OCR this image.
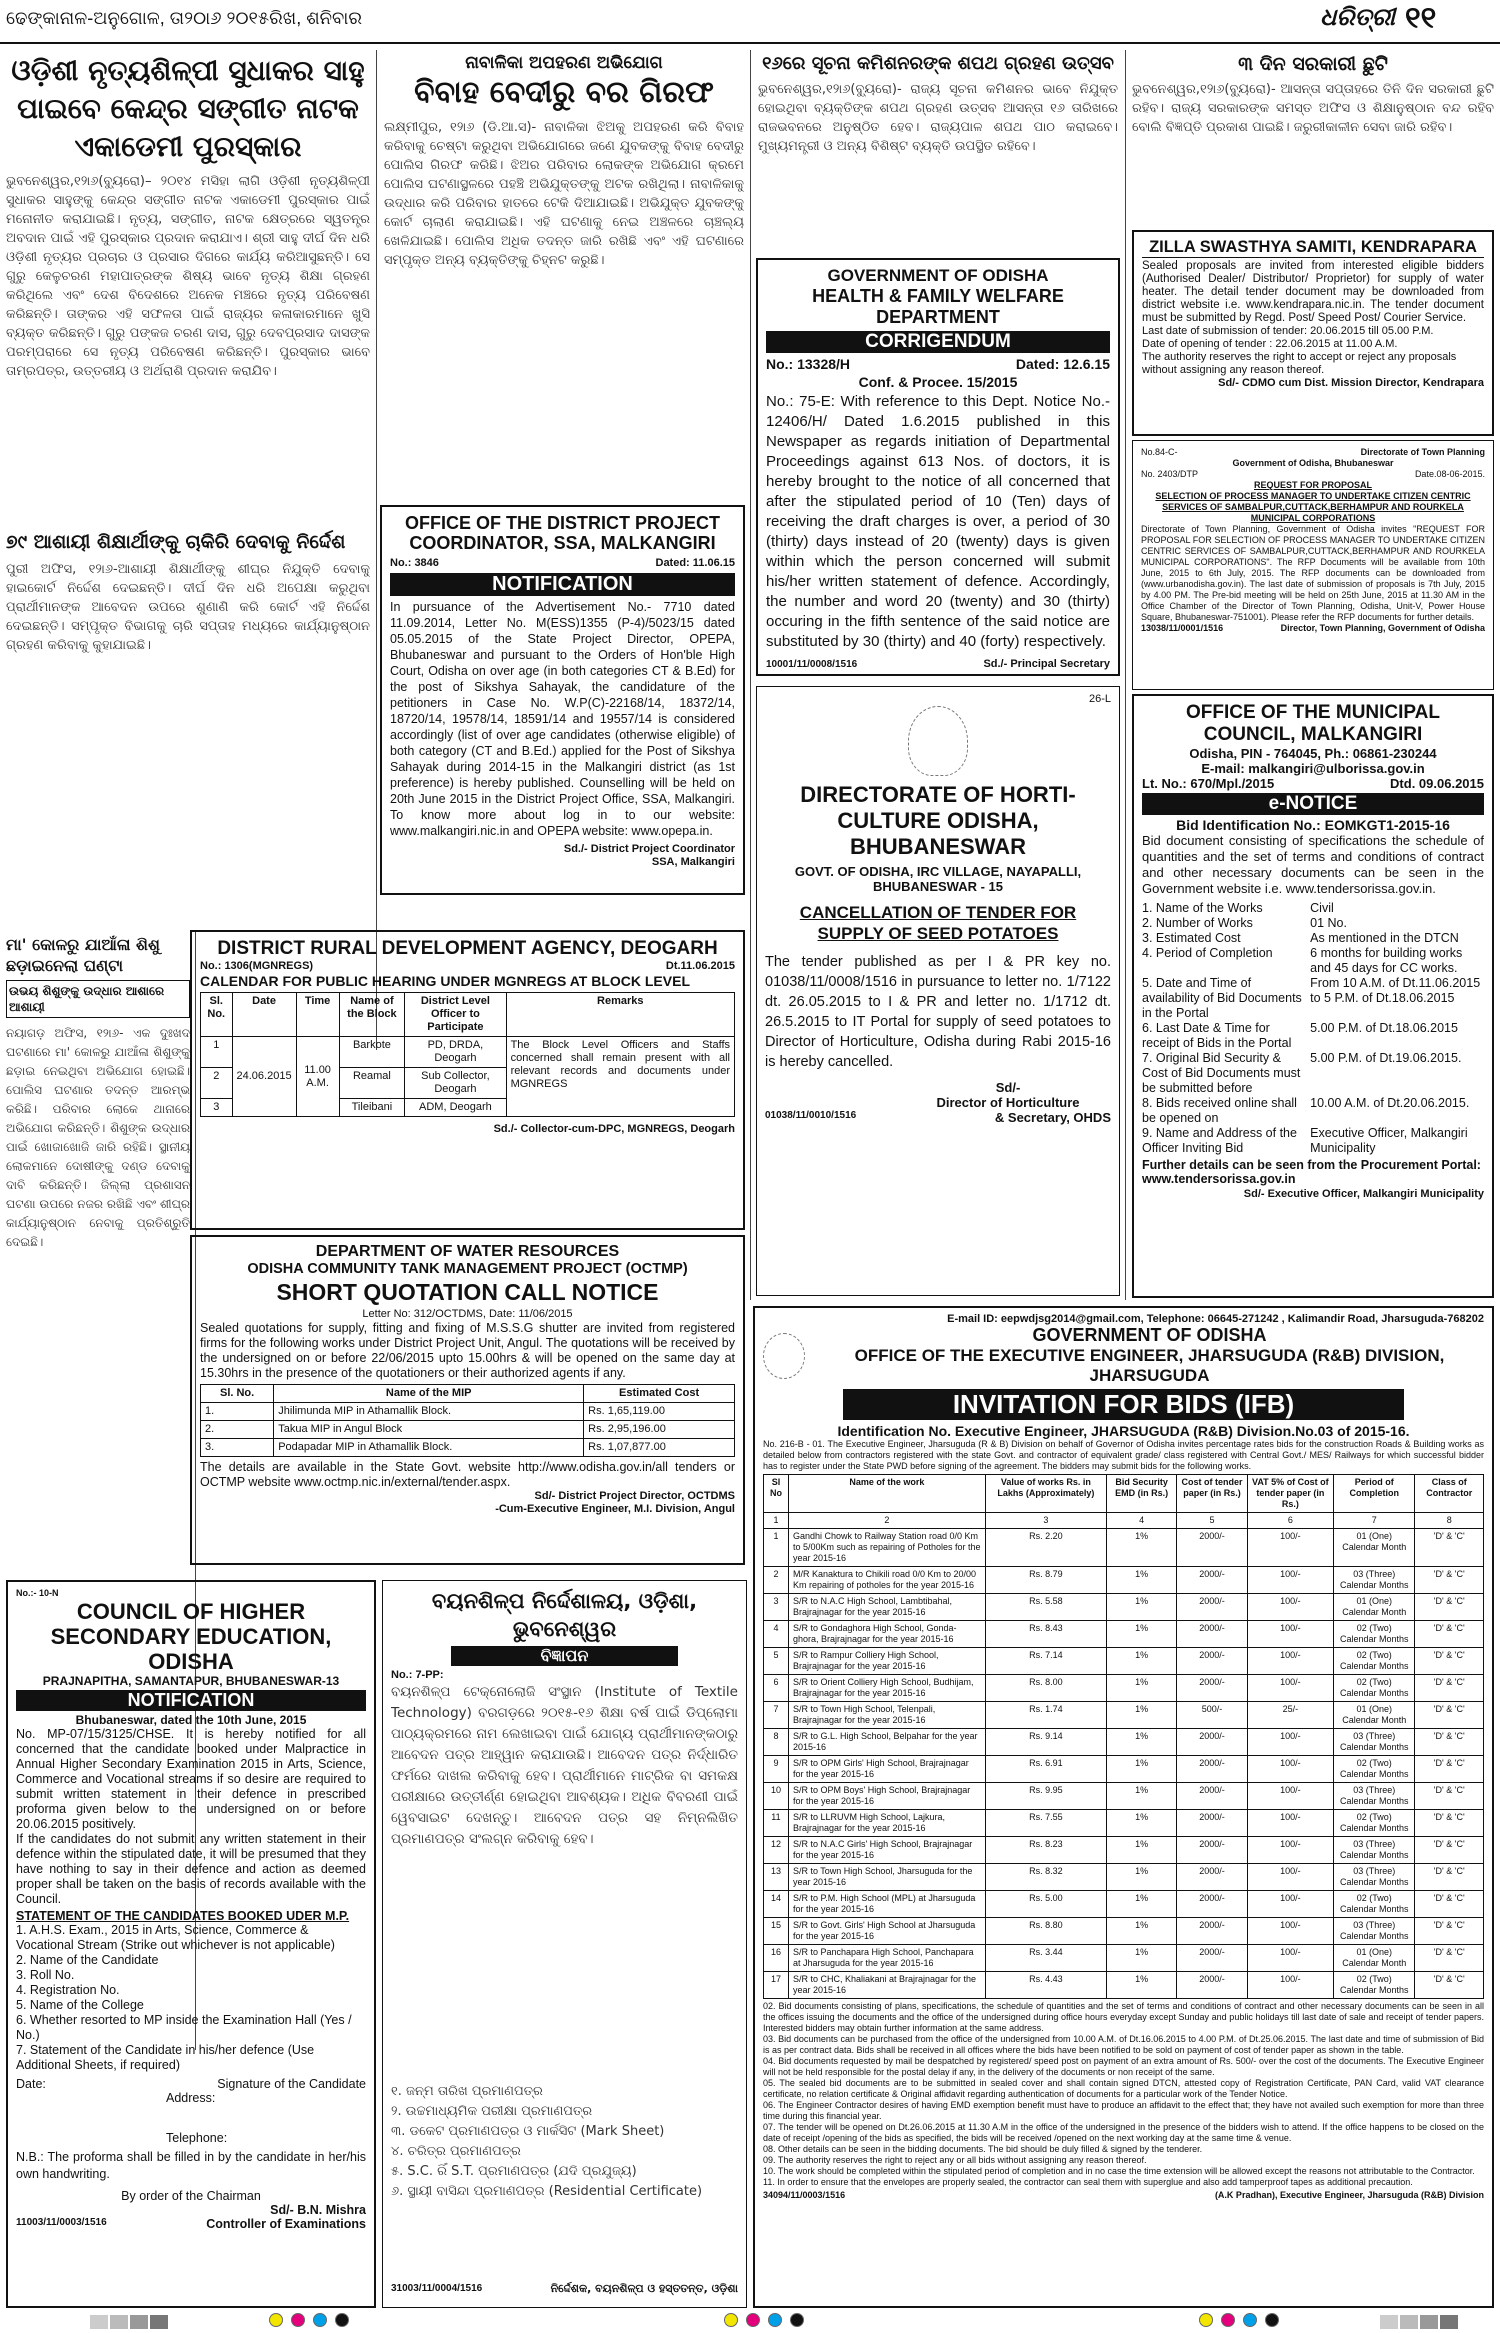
ଢେଙ୍କାନାଳ-ଅନୁଗୋଳ, ତା୨୦ା୬ ୨୦୧୫ରିଖ, ଶନିବାର	ଧରିତ୍ରୀ ୧୧
ଓଡ଼ିଶୀ ନୃତ୍ୟଶିଳ୍ପୀ ସୁଧାକର ସାହୁ ପାଇବେ କେନ୍ଦ୍ର ସଙ୍ଗୀତ ନାଟକ ଏକାଡେମୀ ପୁରସ୍କାର
ଭୁବନେଶ୍ୱର,୧୨ା୬(ବ୍ୟୁରୋ)– ୨୦୧୪ ମସିହା ଲାଗି ଓଡ଼ିଶୀ ନୃତ୍ୟଶିଳ୍ପୀ ସୁଧାକର ସାହୁଙ୍କୁ କେନ୍ଦ୍ର ସଙ୍ଗୀତ ନାଟକ ଏକାଡେମୀ ପୁରସ୍କାର ପାଇଁ ମନୋନୀତ କରାଯାଇଛି। ନୃତ୍ୟ, ସଙ୍ଗୀତ, ନାଟକ କ୍ଷେତ୍ରରେ ସ୍ୱତନ୍ତ୍ର ଅବଦାନ ପାଇଁ ଏହି ପୁରସ୍କାର ପ୍ରଦାନ କରାଯାଏ। ଶ୍ରୀ ସାହୁ ଦୀର୍ଘ ଦିନ ଧରି ଓଡ଼ିଶୀ ନୃତ୍ୟର ପ୍ରଚାର ଓ ପ୍ରସାର ଦିଗରେ କାର୍ଯ୍ୟ କରିଆସୁଛନ୍ତି। ସେ ଗୁରୁ କେଳୁଚରଣ ମହାପାତ୍ରଙ୍କ ଶିଷ୍ୟ ଭାବେ ନୃତ୍ୟ ଶିକ୍ଷା ଗ୍ରହଣ କରିଥିଲେ ଏବଂ ଦେଶ ବିଦେଶରେ ଅନେକ ମଞ୍ଚରେ ନୃତ୍ୟ ପରିବେଷଣ କରିଛନ୍ତି। ତାଙ୍କର ଏହି ସଫଳତା ପାଇଁ ରାଜ୍ୟର କଳାକାରମାନେ ଖୁସି ବ୍ୟକ୍ତ କରିଛନ୍ତି। ଗୁରୁ ପଙ୍କଜ ଚରଣ ଦାସ, ଗୁରୁ ଦେବପ୍ରସାଦ ଦାସଙ୍କ ପରମ୍ପରାରେ ସେ ନୃତ୍ୟ ପରିବେଷଣ କରିଛନ୍ତି। ପୁରସ୍କାର ଭାବେ ତାମ୍ରପତ୍ର, ଉତ୍ତରୀୟ ଓ ଅର୍ଥରାଶି ପ୍ରଦାନ କରାଯିବ।
୭୯ ଆଶାୟୀ ଶିକ୍ଷାର୍ଥୀଙ୍କୁ ଚାକିରି ଦେବାକୁ ନିର୍ଦ୍ଦେଶ
ପୁରୀ ଅଫିସ, ୧୨ା୬-ଆଶାୟୀ ଶିକ୍ଷାର୍ଥୀଙ୍କୁ ଶୀଘ୍ର ନିଯୁକ୍ତି ଦେବାକୁ ହାଇକୋର୍ଟ ନିର୍ଦ୍ଦେଶ ଦେଇଛନ୍ତି। ଦୀର୍ଘ ଦିନ ଧରି ଅପେକ୍ଷା କରୁଥିବା ପ୍ରାର୍ଥୀମାନଙ୍କ ଆବେଦନ ଉପରେ ଶୁଣାଣି କରି କୋର୍ଟ ଏହି ନିର୍ଦ୍ଦେଶ ଦେଇଛନ୍ତି। ସମ୍ପୃକ୍ତ ବିଭାଗକୁ ଚାରି ସପ୍ତାହ ମଧ୍ୟରେ କାର୍ଯ୍ୟାନୁଷ୍ଠାନ ଗ୍ରହଣ କରିବାକୁ କୁହାଯାଇଛି।
ମା' କୋଳରୁ ଯାଆଁଳା ଶିଶୁ ଛଡ଼ାଇନେଲା ଘଣ୍ଟା
ଉଭୟ ଶିଶୁଙ୍କୁ ଉଦ୍ଧାର ଆଶାରେ ଆଶାୟୀ
ନୟାଗଡ଼ ଅଫିସ, ୧୨ା୬- ଏକ ଦୁଃଖଦ ଘଟଣାରେ ମା' କୋଳରୁ ଯାଆଁଳା ଶିଶୁଙ୍କୁ ଛଡ଼ାଇ ନେଇଥିବା ଅଭିଯୋଗ ହୋଇଛି। ପୋଲିସ ଘଟଣାର ତଦନ୍ତ ଆରମ୍ଭ କରିଛି। ପରିବାର ଲୋକେ ଥାନାରେ ଅଭିଯୋଗ କରିଛନ୍ତି। ଶିଶୁଙ୍କ ଉଦ୍ଧାର ପାଇଁ ଖୋଜାଖୋଜି ଜାରି ରହିଛି। ସ୍ଥାନୀୟ ଲୋକମାନେ ଦୋଷୀଙ୍କୁ ଦଣ୍ଡ ଦେବାକୁ ଦାବି କରିଛନ୍ତି। ଜିଲ୍ଲା ପ୍ରଶାସନ ଘଟଣା ଉପରେ ନଜର ରଖିଛି ଏବଂ ଶୀଘ୍ର କାର୍ଯ୍ୟାନୁଷ୍ଠାନ ନେବାକୁ ପ୍ରତିଶ୍ରୁତି ଦେଇଛି।
ନାବାଳିକା ଅପହରଣ ଅଭିଯୋଗ
ବିବାହ ବେଦୀରୁ ବର ଗିରଫ
ଲକ୍ଷ୍ମୀପୁର, ୧୨ା୬ (ଡି.ଆ.ସ)- ନାବାଳିକା ଝିଅକୁ ଅପହରଣ କରି ବିବାହ କରିବାକୁ ଚେଷ୍ଟା କରୁଥିବା ଅଭିଯୋଗରେ ଜଣେ ଯୁବକଙ୍କୁ ବିବାହ ବେଦୀରୁ ପୋଲିସ ଗିରଫ କରିଛି। ଝିଅର ପରିବାର ଲୋକଙ୍କ ଅଭିଯୋଗ କ୍ରମେ ପୋଲିସ ଘଟଣାସ୍ଥଳରେ ପହଞ୍ଚି ଅଭିଯୁକ୍ତଙ୍କୁ ଅଟକ ରଖିଥିଲା। ନାବାଳିକାକୁ ଉଦ୍ଧାର କରି ପରିବାର ହାତରେ ଟେକି ଦିଆଯାଇଛି। ଅଭିଯୁକ୍ତ ଯୁବକଙ୍କୁ କୋର୍ଟ ଚାଲାଣ କରାଯାଇଛି। ଏହି ଘଟଣାକୁ ନେଇ ଅଞ୍ଚଳରେ ଚାଞ୍ଚଲ୍ୟ ଖେଳିଯାଇଛି। ପୋଲିସ ଅଧିକ ତଦନ୍ତ ଜାରି ରଖିଛି ଏବଂ ଏହି ଘଟଣାରେ ସମ୍ପୃକ୍ତ ଅନ୍ୟ ବ୍ୟକ୍ତିଙ୍କୁ ଚିହ୍ନଟ କରୁଛି।
OFFICE OF THE DISTRICT PROJECT COORDINATOR, SSA, MALKANGIRI
No.: 3846	Dated: 11.06.15
NOTIFICATION
In pursuance of the Advertisement No.- 7710 dated 11.09.2014, Letter No. M(ESS)1355 (P-4)/5023/15 dated 05.05.2015 of the State Project Director, OPEPA, Bhubaneswar and pursuant to the Orders of Hon'ble High Court, Odisha on over age (in both categories CT & B.Ed) for the post of Sikshya Sahayak, the candidature of the petitioners in Case No. W.P(C)-22168/14, 18372/14, 18720/14, 19578/14, 18591/14 and 19557/14 is considered accordingly (list of over age candidates (otherwise eligible) of both category (CT and B.Ed.) applied for the Post of Sikshya Sahayak during 2014-15 in the Malkangiri district (as 1st preference) is hereby published. Counselling will be held on 20th June 2015 in the District Project Office, SSA, Malkangiri. To know more about log in to our website: www.malkangiri.nic.in and OPEPA website: www.opepa.in.
Sd./- District Project Coordinator
SSA, Malkangiri
୧୬ରେ ସୂଚନା କମିଶନରଙ୍କ ଶପଥ ଗ୍ରହଣ ଉତ୍ସବ
ଭୁବନେଶ୍ୱର,୧୨ା୬(ବ୍ୟୁରୋ)- ରାଜ୍ୟ ସୂଚନା କମିଶନର ଭାବେ ନିଯୁକ୍ତ ହୋଇଥିବା ବ୍ୟକ୍ତିଙ୍କ ଶପଥ ଗ୍ରହଣ ଉତ୍ସବ ଆସନ୍ତା ୧୬ ତାରିଖରେ ରାଜଭବନରେ ଅନୁଷ୍ଠିତ ହେବ। ରାଜ୍ୟପାଳ ଶପଥ ପାଠ କରାଇବେ। ମୁଖ୍ୟମନ୍ତ୍ରୀ ଓ ଅନ୍ୟ ବିଶିଷ୍ଟ ବ୍ୟକ୍ତି ଉପସ୍ଥିତ ରହିବେ।
GOVERNMENT OF ODISHA
HEALTH & FAMILY WELFARE DEPARTMENT
CORRIGENDUM
No.: 13328/H	Dated: 12.6.15
Conf. & Procee. 15/2015
No.: 75-E: With reference to this Dept. Notice No.- 12406/H/ Dated 1.6.2015 published in this Newspaper as regards initiation of Departmental Proceedings against 613 Nos. of doctors, it is hereby brought to the notice of all concerned that after the stipulated period of 10 (Ten) days of receiving the draft charges is over, a period of 30 (thirty) days instead of 20 (twenty) days is given within which the person concerned will submit his/her written statement of defence. Accordingly, the number and word 20 (twenty) and 30 (thirty) occuring in the fifth sentence of the said notice are substituted by 30 (thirty) and 40 (forty) respectively.
10001/11/0008/1516	Sd./- Principal Secretary
26-L
DIRECTORATE OF HORTI-CULTURE ODISHA, BHUBANESWAR
GOVT. OF ODISHA, IRC VILLAGE, NAYAPALLI, BHUBANESWAR - 15
CANCELLATION OF TENDER FOR SUPPLY OF SEED POTATOES
The tender published as per I & PR key no. 01038/11/0008/1516 in pursuance to letter no. 1/7122 dt. 26.05.2015 to I & PR and letter no. 1/1712 dt. 26.5.2015 to IT Portal for supply of seed potatoes to Director of Horticulture, Odisha during Rabi 2015-16 is hereby cancelled.
Sd/-
Director of Horticulture
01038/11/0010/1516	& Secretary, OHDS
୩ ଦିନ ସରକାରୀ ଛୁଟି
ଭୁବନେଶ୍ୱର,୧୨ା୬(ବ୍ୟୁରୋ)- ଆସନ୍ତା ସପ୍ତାହରେ ତିନି ଦିନ ସରକାରୀ ଛୁଟି ରହିବ। ରାଜ୍ୟ ସରକାରଙ୍କ ସମସ୍ତ ଅଫିସ ଓ ଶିକ୍ଷାନୁଷ୍ଠାନ ବନ୍ଦ ରହିବ ବୋଲି ବିଜ୍ଞପ୍ତି ପ୍ରକାଶ ପାଇଛି। ଜରୁରୀକାଳୀନ ସେବା ଜାରି ରହିବ।
ZILLA SWASTHYA SAMITI, KENDRAPARA
Sealed proposals are invited from interested eligible bidders (Authorised Dealer/ Distributor/ Proprietor) for supply of water heater. The detail tender document may be downloaded from district website i.e. www.kendrapara.nic.in. The tender document must be submitted by Regd. Post/ Speed Post/ Courier Service.
Last date of submission of tender: 20.06.2015 till 05.00 P.M.
Date of opening of tender : 22.06.2015 at 11.00 A.M.
The authority reserves the right to accept or reject any proposals without assigning any reason thereof.
Sd/- CDMO cum Dist. Mission Director, Kendrapara
No.84-C-	Directorate of Town Planning
Government of Odisha, Bhubaneswar
No. 2403/DTP	Date.08-06-2015.
REQUEST FOR PROPOSAL
SELECTION OF PROCESS MANAGER TO UNDERTAKE CITIZEN CENTRIC SERVICES OF SAMBALPUR,CUTTACK,BERHAMPUR AND ROURKELA MUNICIPAL CORPORATIONS
Directorate of Town Planning, Government of Odisha invites "REQUEST FOR PROPOSAL FOR SELECTION OF PROCESS MANAGER TO UNDERTAKE CITIZEN CENTRIC SERVICES OF SAMBALPUR,CUTTACK,BERHAMPUR AND ROURKELA MUNICIPAL CORPORATIONS". The RFP Documents will be available from 10th June, 2015 to 6th July, 2015. The RFP documents can be downloaded from (www.urbanodisha.gov.in). The last date of submission of proposals is 7th July, 2015 by 4.00 PM. The Pre-bid meeting will be held on 25th June, 2015 at 11.30 AM in the Office Chamber of the Director of Town Planning, Odisha, Unit-V, Power House Square, Bhubaneswar-751001). Please refer the RFP documents for further details.
13038/11/0001/1516	Director, Town Planning, Government of Odisha
OFFICE OF THE MUNICIPAL COUNCIL, MALKANGIRI
Odisha, PIN - 764045, Ph.: 06861-230244
E-mail: malkangiri@ulborissa.gov.in
Lt. No.: 670/Mpl./2015	Dtd. 09.06.2015
e-NOTICE
Bid Identification No.: EOMKGT1-2015-16
Bid document consisting of specifications the schedule of quantities and the set of terms and conditions of contract and other necessary documents can be seen in the Government website i.e. www.tendersorissa.gov.in.
1. Name of the Works	Civil
2. Number of Works	01 No.
3. Estimated Cost	As mentioned in the DTCN
4. Period of Completion	6 months for building works and 45 days for CC works.
5. Date and Time of availability of Bid Documents in the Portal
From 10 A.M. of Dt.11.06.2015 to 5 P.M. of Dt.18.06.2015
6. Last Date & Time for receipt of Bids in the Portal
5.00 P.M. of Dt.18.06.2015
7. Original Bid Security & Cost of Bid Documents must be submitted before
5.00 P.M. of Dt.19.06.2015.
8. Bids received online shall be opened on
10.00 A.M. of Dt.20.06.2015.
9. Name and Address of the Officer Inviting Bid
Executive Officer, Malkangiri Municipality
Further details can be seen from the Procurement Portal: www.tendersorissa.gov.in
Sd/- Executive Officer, Malkangiri Municipality
DISTRICT RURAL DEVELOPMENT AGENCY, DEOGARH
No.: 1306(MGNREGS)	Dt.11.06.2015
CALENDAR FOR PUBLIC HEARING UNDER MGNREGS AT BLOCK LEVEL
Sl. No.	Date	Time	Name of the Block	District Level Officer to Participate	Remarks
1	24.06.2015	11.00 A.M.	Barkote	PD, DRDA, Deogarh	The Block Level Officers and Staffs concerned shall remain present with all relevant records and documents under MGNREGS
2			Reamal	Sub Collector, Deogarh	
3			Tileibani	ADM, Deogarh	
Sd./- Collector-cum-DPC, MGNREGS, Deogarh
DEPARTMENT OF WATER RESOURCES
ODISHA COMMUNITY TANK MANAGEMENT PROJECT (OCTMP)
SHORT QUOTATION CALL NOTICE
Letter No: 312/OCTDMS, Date: 11/06/2015
Sealed quotations for supply, fitting and fixing of M.S.S.G shutter are invited from registered firms for the following works under District Project Unit, Angul. The quotations will be received by the undersigned on or before 22/06/2015 upto 15.00hrs & will be opened on the same day at 15.30hrs in the presence of the quotationers or their authorized agents if any.
Sl. No.	Name of the MIP	Estimated Cost
1.	Jhilimunda MIP in Athamallik Block.	Rs. 1,65,119.00
2.	Takua MIP in Angul Block	Rs. 2,95,196.00
3.	Podapadar MIP in Athamallik Block.	Rs. 1,07,877.00
The details are available in the State Govt. website http://www.odisha.gov.in/all tenders or OCTMP website www.octmp.nic.in/external/tender.aspx.
Sd/- District Project Director, OCTDMS
-Cum-Executive Engineer, M.I. Division, Angul
No.:- 10-N
COUNCIL OF HIGHER SECONDARY EDUCATION, ODISHA
PRAJNAPITHA, SAMANTAPUR, BHUBANESWAR-13
NOTIFICATION
Bhubaneswar, dated the 10th June, 2015
No. MP-07/15/3125/CHSE. It is hereby notified for all concerned that the candidate booked under Malpractice in Annual Higher Secondary Examination 2015 in Arts, Science, Commerce and Vocational streams if so desire are required to submit written statement in their defence in prescribed proforma given below to the undersigned on or before 20.06.2015 positively.
If the candidates do not submit any written statement in their defence within the stipulated date, it will be presumed that they have nothing to say in their defence and action as deemed proper shall be taken on the basis of records available with the Council.
STATEMENT OF THE CANDIDATES BOOKED UDER M.P.
1. A.H.S. Exam., 2015 in Arts, Science, Commerce & Vocational Stream (Strike out whichever is not applicable)
2. Name of the Candidate
3. Roll No.
4. Registration No.
5. Name of the College
6. Whether resorted to MP inside the Examination Hall (Yes / No.)
7. Statement of the Candidate in his/her defence (Use Additional Sheets, if required)
Date:	Signature of the Candidate
Address:
Telephone:
N.B.: The proforma shall be filled in by the candidate in her/his own handwriting.
By order of the Chairman
Sd/- B.N. Mishra
11003/11/0003/1516	Controller of Examinations
ବୟନଶିଳ୍ପ ନିର୍ଦ୍ଦେଶାଳୟ, ଓଡ଼ିଶା, ଭୁବନେଶ୍ୱର
ବିଜ୍ଞାପନ
No.: 7-PP:
ବୟନଶିଳ୍ପ ଟେକ୍ନୋଲୋଜି ସଂସ୍ଥାନ (Institute of Textile Technology) ବରଗଡ଼ରେ ୨୦୧୫-୧୬ ଶିକ୍ଷା ବର୍ଷ ପାଇଁ ଡିପ୍ଲୋମା ପାଠ୍ୟକ୍ରମରେ ନାମ ଲେଖାଇବା ପାଇଁ ଯୋଗ୍ୟ ପ୍ରାର୍ଥୀମାନଙ୍କଠାରୁ ଆବେଦନ ପତ୍ର ଆହ୍ୱାନ କରାଯାଉଛି। ଆବେଦନ ପତ୍ର ନିର୍ଦ୍ଧାରିତ ଫର୍ମରେ ଦାଖଲ କରିବାକୁ ହେବ। ପ୍ରାର୍ଥୀମାନେ ମାଟ୍ରିକ ବା ସମକକ୍ଷ ପରୀକ୍ଷାରେ ଉତ୍ତୀର୍ଣ୍ଣ ହୋଇଥିବା ଆବଶ୍ୟକ। ଅଧିକ ବିବରଣୀ ପାଇଁ ୱେବସାଇଟ ଦେଖନ୍ତୁ। ଆବେଦନ ପତ୍ର ସହ ନିମ୍ନଲିଖିତ ପ୍ରମାଣପତ୍ର ସଂଲଗ୍ନ କରିବାକୁ ହେବ।
୧. ଜନ୍ମ ତାରିଖ ପ୍ରମାଣପତ୍ର
୨. ଉଚ୍ଚମାଧ୍ୟମିକ ପରୀକ୍ଷା ପ୍ରମାଣପତ୍ର
୩. ଡକେଟ ପ୍ରମାଣପତ୍ର ଓ ମାର୍କସିଟ (Mark Sheet)
୪. ଚରିତ୍ର ପ୍ରମାଣପତ୍ର
୫. S.C. ରିଁ S.T. ପ୍ରମାଣପତ୍ର (ଯଦି ପ୍ରଯୁଜ୍ୟ)
୬. ସ୍ଥାୟୀ ବାସିନ୍ଦା ପ୍ରମାଣପତ୍ର (Residential Certificate)
31003/11/0004/1516	ନିର୍ଦ୍ଦେଶକ, ବୟନଶିଳ୍ପ ଓ ହସ୍ତତନ୍ତ, ଓଡ଼ିଶା
E-mail ID: eepwdjsg2014@gmail.com, Telephone: 06645-271242 , Kalimandir Road, Jharsuguda-768202
GOVERNMENT OF ODISHA
OFFICE OF THE EXECUTIVE ENGINEER, JHARSUGUDA (R&B) DIVISION, JHARSUGUDA
INVITATION FOR BIDS (IFB)
Identification No. Executive Engineer, JHARSUGUDA (R&B) Division.No.03 of 2015-16.
No. 216-B - 01. The Executive Engineer, Jharsuguda (R & B) Division on behalf of Governor of Odisha invites percentage rates bids for the construction Roads & Building works as detailed below from contractors registered with the state Govt. and contractor of equivalent grade/ class registered with Central Govt./ MES/ Railways for which successful bidder has to register under the State PWD before signing of the agreement. The bidders may submit bids for the following works.
Sl No	Name of the work	Value of works Rs. in Lakhs (Approximately)	Bid Security EMD (in Rs.)	Cost of tender paper (in Rs.)	VAT 5% of Cost of tender paper (in Rs.)	Period of Completion	Class of Contractor
1	2	3	4	5	6	7	8
1	Gandhi Chowk to Railway Station road 0/0 Km to 5/00Km such as repairing of Potholes for the year 2015-16	Rs. 2.20	1%	2000/-	100/-	01 (One) Calendar Month	'D' & 'C'
2	M/R Kanaktura to Chikili road 0/0 Km to 20/00 Km repairing of potholes for the year 2015-16	Rs. 8.79	1%	2000/-	100/-	03 (Three) Calendar Months	'D' & 'C'
3	S/R to N.A.C High School, Lambtibahal, Brajrajnagar for the year 2015-16	Rs. 5.58	1%	2000/-	100/-	01 (One) Calendar Month	'D' & 'C'
4	S/R to Gondaghora High School, Gonda-ghora, Brajrajnagar for the year 2015-16	Rs. 8.43	1%	2000/-	100/-	02 (Two) Calendar Months	'D' & 'C'
5	S/R to Rampur Colliery High School, Brajrajnagar for the year 2015-16	Rs. 7.14	1%	2000/-	100/-	02 (Two) Calendar Months	'D' & 'C'
6	S/R to Orient Colliery High School, Budhijam, Brajrajnagar for the year 2015-16	Rs. 8.00	1%	2000/-	100/-	02 (Two) Calendar Months	'D' & 'C'
7	S/R to Town High School, Telenpali, Brajrajnagar for the year 2015-16	Rs. 1.74	1%	500/-	25/-	01 (One) Calendar Month	'D' & 'C'
8	S/R to G.L. High School, Belpahar for the year 2015-16	Rs. 9.14	1%	2000/-	100/-	03 (Three) Calendar Months	'D' & 'C'
9	S/R to OPM Girls' High School, Brajrajnagar for the year 2015-16	Rs. 6.91	1%	2000/-	100/-	02 (Two) Calendar Months	'D' & 'C'
10	S/R to OPM Boys' High School, Brajrajnagar for the year 2015-16	Rs. 9.95	1%	2000/-	100/-	03 (Three) Calendar Months	'D' & 'C'
11	S/R to LLRUVM High School, Lajkura, Brajrajnagar for the year 2015-16	Rs. 7.55	1%	2000/-	100/-	02 (Two) Calendar Months	'D' & 'C'
12	S/R to N.A.C Girls' High School, Brajrajnagar for the year 2015-16	Rs. 8.23	1%	2000/-	100/-	03 (Three) Calendar Months	'D' & 'C'
13	S/R to Town High School, Jharsuguda for the year 2015-16	Rs. 8.32	1%	2000/-	100/-	03 (Three) Calendar Months	'D' & 'C'
14	S/R to P.M. High School (MPL) at Jharsuguda for the year 2015-16	Rs. 5.00	1%	2000/-	100/-	02 (Two) Calendar Months	'D' & 'C'
15	S/R to Govt. Girls' High School at Jharsuguda for the year 2015-16	Rs. 8.80	1%	2000/-	100/-	03 (Three) Calendar Months	'D' & 'C'
16	S/R to Panchapara High School, Panchapara at Jharsuguda for the year 2015-16	Rs. 3.44	1%	2000/-	100/-	01 (One) Calendar Month	'D' & 'C'
17	S/R to CHC, Khaliakani at Brajrajnagar for the year 2015-16	Rs. 4.43	1%	2000/-	100/-	02 (Two) Calendar Months	'D' & 'C'
02. Bid documents consisting of plans, specifications, the schedule of quantities and the set of terms and conditions of contract and other necessary documents can be seen in all the offices issuing the documents and the office of the undersigned during office hours everyday except Sunday and public holidays till last date of sale and receipt of tender papers. Interested bidders may obtain further information at the same address.
03. Bid documents can be purchased from the office of the undersigned from 10.00 A.M. of Dt.16.06.2015 to 4.00 P.M. of Dt.25.06.2015. The last date and time of submission of Bid is as per contract data. Bids shall be received in all offices where the bids have been notified to be sold on payment of cost of tender paper as shown in the table.
04. Bid documents requested by mail be despatched by registered/ speed post on payment of an extra amount of Rs. 500/- over the cost of the documents. The Executive Engineer will not be held responsible for the postal delay if any, in the delivery of the documents or non receipt of the same.
05. The sealed bid documents are to be submitted in sealed cover and shall contain signed DTCN, attested copy of Registration Certificate, PAN Card, valid VAT clearance certificate, no relation certificate & Original affidavit regarding authentication of documents for a particular work of the Tender Notice.
06. The Engineer Contractor desires of having EMD exemption benefit must have to produce an affidavit to the effect that; they have not availed such exemption for more than three time during this financial year.
07. The tender will be opened on Dt.26.06.2015 at 11.30 A.M in the office of the undersigned in the presence of the bidders wish to attend. If the office happens to be closed on the date of receipt /opening of the bids as specified, the bids will be received /opened on the next working day at the same time & venue.
08. Other details can be seen in the bidding documents. The bid should be duly filled & signed by the tenderer.
09. The authority reserves the right to reject any or all bids without assigning any reason thereof.
10. The work should be completed within the stipulated period of completion and in no case the time extension will be allowed except the reasons not attributable to the Contractor.
11. In order to ensure that the envelopes are properly sealed, the contractor can seal them with superglue and also add tamperproof tapes as additional precaution.
34094/11/0003/1516	(A.K Pradhan), Executive Engineer, Jharsuguda (R&B) Division
